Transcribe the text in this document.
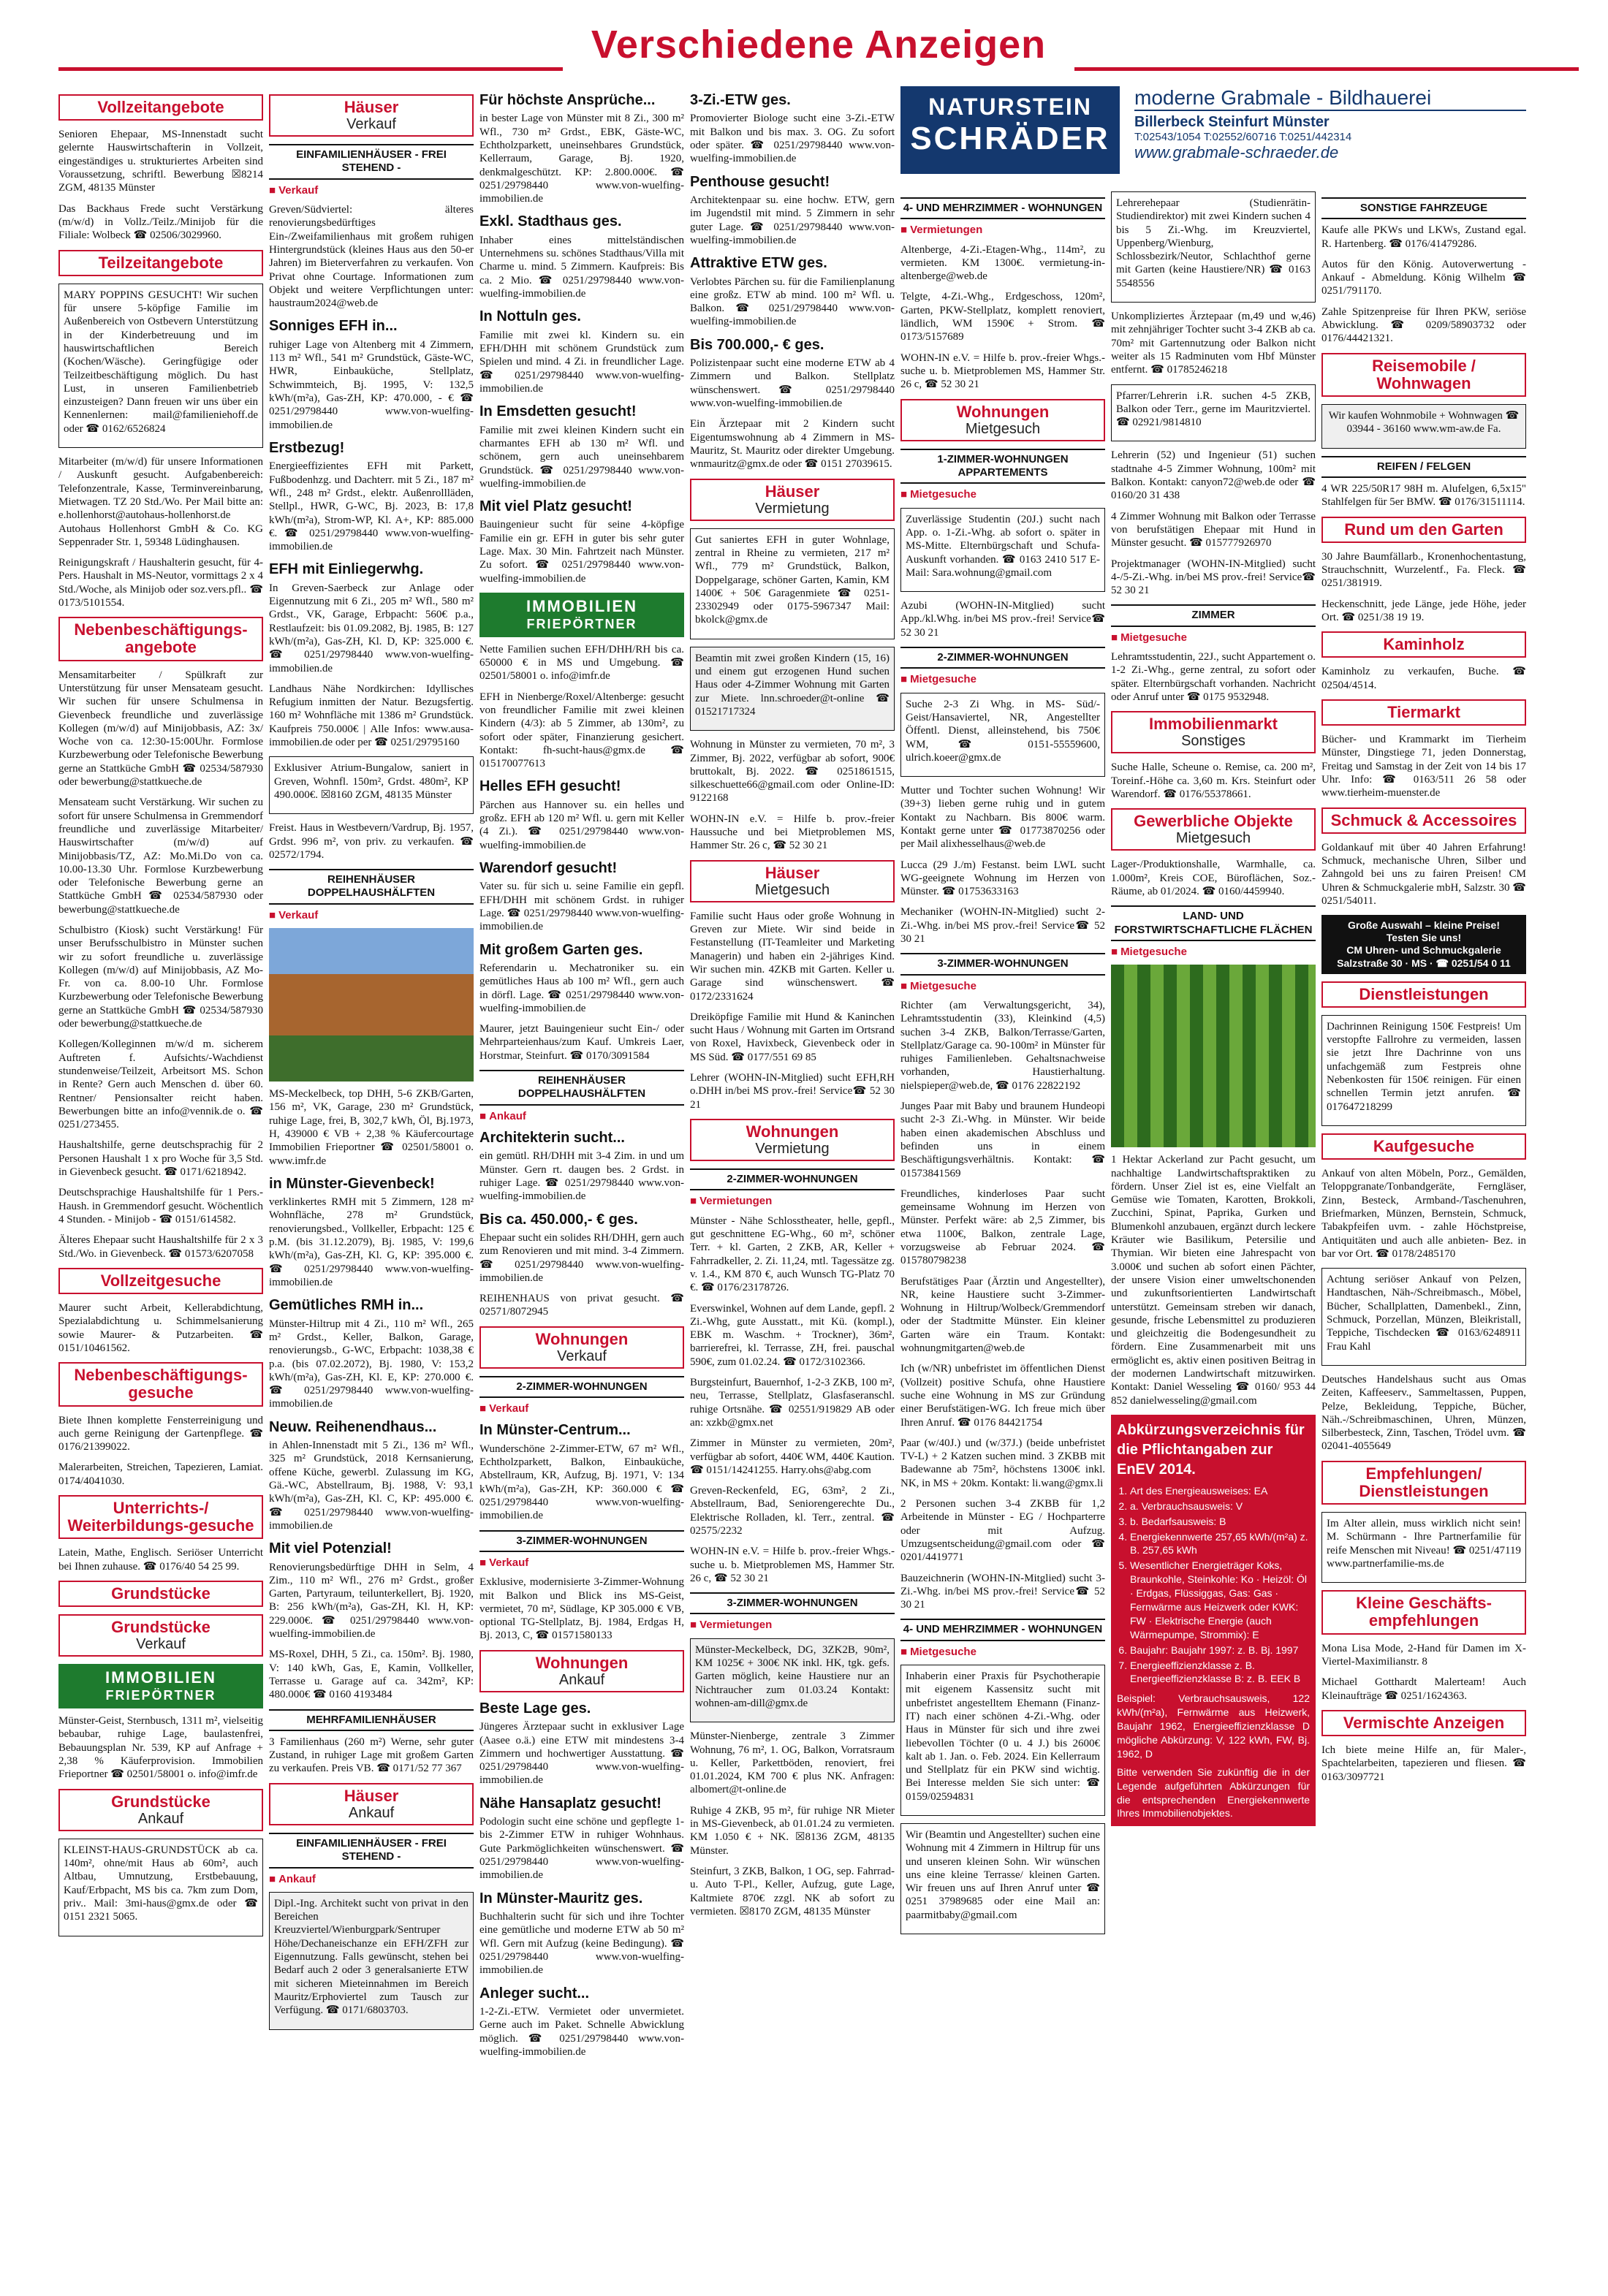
Verschiedene Anzeigen
Vollzeitangebote

Senioren Ehepaar, MS-Innenstadt sucht gelernte Hauswirtschafterin in Vollzeit, eingeständiges u. strukturiertes Arbeiten sind Voraussetzung, schriftl. Bewerbung ☒8214 ZGM, 48135 Münster

Das Backhaus Frede sucht Verstärkung (m/w/d) in Vollz./Teilz./Minijob für die Filiale: Wolbeck ☎ 02506/3029960.

Teilzeitangebote

MARY POPPINS GESUCHT! Wir suchen für unsere 5-köpfige Familie im Außenbereich von Ostbevern Unterstützung in der Kinderbetreuung und im hauswirtschaftlichen Bereich (Kochen/Wäsche). Geringfügige oder Teilzeitbeschäftigung möglich. Du hast Lust, in unseren Familienbetrieb einzusteigen? Dann freuen wir uns über ein Kennenlernen: mail@familieniehoff.de oder ☎ 0162/6526824

Mitarbeiter (m/w/d) für unsere Informationen / Auskunft gesucht. Aufgabenbereich: Telefonzentrale, Kasse, Terminvereinbarung, Mietwagen. TZ 20 Std./Wo. Per Mail bitte an: e.hollenhorst@autohaus-hollenhorst.de Autohaus Hollenhorst GmbH & Co. KG Seppenrader Str. 1, 59348 Lüdinghausen.

Reinigungskraft / Haushalterin gesucht, für 4-Pers. Haushalt in MS-Neutor, vormittags 2 x 4 Std./Woche, als Minijob oder soz.vers.pfl.. ☎ 0173/5101554.

Nebenbeschäftigungs-angebote

Mensamitarbeiter / Spülkraft zur Unterstützung für unser Mensateam gesucht. Wir suchen für unsere Schulmensa in Gievenbeck freundliche und zuverlässige Kollegen (m/w/d) auf Minijobbasis, AZ: 3x/ Woche von ca. 12:30-15:00Uhr. Formlose Kurzbewerbung oder Telefonische Bewerbung gerne an Stattküche GmbH ☎ 02534/587930 oder bewerbung@stattkueche.de

Mensateam sucht Verstärkung. Wir suchen zu sofort für unsere Schulmensa in Gremmendorf freundliche und zuverlässige Mitarbeiter/ Hauswirtschafter (m/w/d) auf Minijobbasis/TZ, AZ: Mo.Mi.Do von ca. 10.00-13.30 Uhr. Formlose Kurzbewerbung oder Telefonische Bewerbung gerne an Stattküche GmbH ☎ 02534/587930 oder bewerbung@stattkueche.de

Schulbistro (Kiosk) sucht Verstärkung! Für unser Berufsschulbistro in Münster suchen wir zu sofort freundliche u. zuverlässige Kollegen (m/w/d) auf Minijobbasis, AZ Mo-Fr. von ca. 8.00-10 Uhr. Formlose Kurzbewerbung oder Telefonische Bewerbung gerne an Stattküche GmbH ☎ 02534/587930 oder bewerbung@stattkueche.de

Kollegen/Kolleginnen m/w/d m. sicherem Auftreten f. Aufsichts/-Wachdienst stundenweise/Teilzeit, Arbeitsort MS. Schon in Rente? Gern auch Menschen d. über 60. Rentner/ Pensionsalter reicht haben. Bewerbungen bitte an info@vennik.de o. ☎ 0251/273455.

Haushaltshilfe, gerne deutschsprachig für 2 Personen Haushalt 1 x pro Woche für 3,5 Std. in Gievenbeck gesucht. ☎ 0171/6218942.

Deutschsprachige Haushaltshilfe für 1 Pers.-Haush. in Gremmendorf gesucht. Wöchentlich 4 Stunden. - Minijob - ☎ 0151/614582.

Älteres Ehepaar sucht Haushaltshilfe für 2 x 3 Std./Wo. in Gievenbeck. ☎ 01573/6207058

Vollzeitgesuche

Maurer sucht Arbeit, Kellerabdichtung, Spezialabdichtung u. Schimmelsanierung sowie Maurer- & Putzarbeiten. ☎ 0151/10461562.

Nebenbeschäftigungs-gesuche

Biete Ihnen komplette Fensterreinigung und auch gerne Reinigung der Gartenpflege. ☎ 0176/21399022.

Malerarbeiten, Streichen, Tapezieren, Lamiat. 0174/4041030.

Unterrichts-/ Weiterbildungs-gesuche

Latein, Mathe, Englisch. Seriöser Unterricht bei Ihnen zuhause. ☎ 0176/40 54 25 99.

Grundstücke
Grundstücke
Verkauf
IMMOBILIEN
FRIEPÖRTNER

Münster-Geist, Sternbusch, 1311 m², vielseitig bebaubar, ruhige Lage, baulastenfrei, Bebauungsplan Nr. 539, KP auf Anfrage + 2,38 % Käuferprovision. Immobilien Frieportner ☎ 02501/58001 o. info@imfr.de

Grundstücke
Ankauf

KLEINST-HAUS-GRUNDSTÜCK ab ca. 140m², ohne/mit Haus ab 60m², auch Altbau, Umnutzung, Erstbebauung, Kauf/Erbpacht, MS bis ca. 7km zum Dom, priv.. Mail: 3mi-haus@gmx.de oder ☎ 0151 2321 5065.

Häuser
Verkauf
EINFAMILIENHÄUSER - FREI STEHEND -
■ Verkauf

Greven/Südviertel: älteres renovierungsbedürftiges Ein-/Zweifamilienhaus mit großem ruhigen Hintergrundstück (kleines Haus aus den 50-er Jahren) im Bieterverfahren zu verkaufen. Von Privat ohne Courtage. Informationen zum Objekt und weitere Verpflichtungen unter: haustraum2024@web.de

Sonniges EFH in...

ruhiger Lage von Altenberg mit 4 Zimmern, 113 m² Wfl., 541 m² Grundstück, Gäste-WC, HWR, Einbauküche, Stellplatz, Schwimmteich, Bj. 1995, V: 132,5 kWh/(m²a), Gas-ZH, KP: 470.000, - € ☎ 0251/29798440 www.von-wuelfing-immobilien.de

Erstbezug!

Energieeffizientes EFH mit Parkett, Fußbodenhzg. und Dachterr. mit 5 Zi., 187 m² Wfl., 248 m² Grdst., elektr. Außenrollläden, Stellpl., HWR, G-WC, Bj. 2023, B: 17,8 kWh/(m²a), Strom-WP, Kl. A+, KP: 885.000 €. ☎ 0251/29798440 www.von-wuelfing-immobilien.de

EFH mit Einliegerwhg.

In Greven-Saerbeck zur Anlage oder Eigennutzung mit 6 Zi., 205 m² Wfl., 580 m² Grdst., VK, Garage, Erbpacht: 560€ p.a., Restlaufzeit: bis 01.09.2082, Bj. 1985, B: 127 kWh/(m²a), Gas-ZH, Kl. D, KP: 325.000 €. ☎ 0251/29798440 www.von-wuelfing-immobilien.de

Landhaus Nähe Nordkirchen: Idyllisches Refugium inmitten der Natur. Bezugsfertig. 160 m² Wohnfläche mit 1386 m² Grundstück. Kaufpreis 750.000€ | Alle Infos: www.ausa-immobilien.de oder per ☎ 0251/29795160

Exklusiver Atrium-Bungalow, saniert in Greven, Wohnfl. 150m², Grdst. 480m², KP 490.000€. ☒8160 ZGM, 48135 Münster

Freist. Haus in Westbevern/Vardrup, Bj. 1957, Grdst. 996 m², von priv. zu verkaufen. ☎ 02572/1794.

REIHENHÄUSER DOPPELHAUSHÄLFTEN
■ Verkauf

MS-Meckelbeck, top DHH, 5-6 ZKB/Garten, 156 m², VK, Garage, 230 m² Grundstück, ruhige Lage, frei, B, 302,7 kWh, Öl, Bj.1973, H, 439000 € VB + 2,38 % Käufercourtage Immobilien Frieportner ☎ 02501/58001 o. www.imfr.de

in Münster-Gievenbeck!

verklinkertes RMH mit 5 Zimmern, 128 m² Wohnfläche, 278 m² Grundstück, renovierungsbed., Vollkeller, Erbpacht: 125 € p.M. (bis 31.12.2079), Bj. 1985, V: 199,6 kWh/(m²a), Gas-ZH, Kl. G, KP: 395.000 €. ☎ 0251/29798440 www.von-wuelfing-immobilien.de

Gemütliches RMH in...

Münster-Hiltrup mit 4 Zi., 110 m² Wfl., 265 m² Grdst., Keller, Balkon, Garage, renovierungsb., G-WC, Erbpacht: 1038,38 € p.a. (bis 07.02.2072), Bj. 1980, V: 153,2 kWh/(m²a), Gas-ZH, Kl. E, KP: 270.000 €. ☎ 0251/29798440 www.von-wuelfing-immobilien.de

Neuw. Reihenendhaus...

in Ahlen-Innenstadt mit 5 Zi., 136 m² Wfl., 325 m² Grundstück, 2018 Kernsanierung, offene Küche, gewerbl. Zulassung im KG, Gä.-WC, Abstellraum, Bj. 1988, V: 93,1 kWh/(m²a), Gas-ZH, Kl. C, KP: 495.000 €. ☎ 0251/29798440 www.von-wuelfing-immobilien.de

Mit viel Potenzial!

Renovierungsbedürftige DHH in Selm, 4 Zim., 110 m² Wfl., 276 m² Grdst., großer Garten, Partyraum, teilunterkellert, Bj. 1920, B: 256 kWh/(m²a), Gas-ZH, Kl. H, KP: 229.000€. ☎ 0251/29798440 www.von-wuelfing-immobilien.de

MS-Roxel, DHH, 5 Zi., ca. 150m². Bj. 1980, V: 140 kWh, Gas, E, Kamin, Vollkeller, Terrasse u. Garage auf ca. 342m², KP: 480.000€ ☎ 0160 4193484

MEHRFAMILIENHÄUSER

3 Familienhaus (260 m²) Werne, sehr guter Zustand, in ruhiger Lage mit großem Garten zu verkaufen. Preis VB. ☎ 0171/52 77 367

Häuser
Ankauf
EINFAMILIENHÄUSER - FREI STEHEND -
■ Ankauf

Dipl.-Ing. Architekt sucht von privat in den Bereichen Kreuzviertel/Wienburgpark/Sentruper Höhe/Dechaneischanze ein EFH/ZFH zur Eigennutzung. Falls gewünscht, stehen bei Bedarf auch 2 oder 3 generalsanierte ETW mit sicheren Mieteinnahmen im Bereich Mauritz/Erphoviertel zum Tausch zur Verfügung. ☎ 0171/6803703.

Für höchste Ansprüche...

in bester Lage von Münster mit 8 Zi., 300 m² Wfl., 730 m² Grdst., EBK, Gäste-WC, Echtholzparkett, uneinsehbares Grundstück, Kellerraum, Garage, Bj. 1920, denkmalgeschützt. KP: 2.800.000€. ☎ 0251/29798440 www.von-wuelfing-immobilien.de

Exkl. Stadthaus ges.

Inhaber eines mittelständischen Unternehmens su. schönes Stadthaus/Villa mit Charme u. mind. 5 Zimmern. Kaufpreis: Bis ca. 2 Mio. ☎ 0251/29798440 www.von-wuelfing-immobilien.de

In Nottuln ges.

Familie mit zwei kl. Kindern su. ein EFH/DHH mit schönem Grundstück zum Spielen und mind. 4 Zi. in freundlicher Lage. ☎ 0251/29798440 www.von-wuelfing-immobilien.de

In Emsdetten gesucht!

Familie mit zwei kleinen Kindern sucht ein charmantes EFH ab 130 m² Wfl. und schönem, gern auch uneinsehbarem Grundstück. ☎ 0251/29798440 www.von-wuelfing-immobilien.de

Mit viel Platz gesucht!

Bauingenieur sucht für seine 4-köpfige Familie ein gr. EFH in guter bis sehr guter Lage. Max. 30 Min. Fahrtzeit nach Münster. Zu sofort. ☎ 0251/29798440 www.von-wuelfing-immobilien.de

IMMOBILIEN
FRIEPÖRTNER

Nette Familien suchen EFH/DHH/RH bis ca. 650000 € in MS und Umgebung. ☎ 02501/58001 o. info@imfr.de

EFH in Nienberge/Roxel/Altenberge: gesucht von freundlicher Familie mit zwei kleinen Kindern (4/3): ab 5 Zimmer, ab 130m², zu sofort oder später, Finanzierung gesichert. Kontakt: fh-sucht-haus@gmx.de ☎ 015170077613

Helles EFH gesucht!

Pärchen aus Hannover su. ein helles und großz. EFH ab 120 m² Wfl. u. gern mit Keller (4 Zi.). ☎ 0251/29798440 www.von-wuelfing-immobilien.de

Warendorf gesucht!

Vater su. für sich u. seine Familie ein gepfl. EFH/DHH mit schönem Grdst. in ruhiger Lage. ☎ 0251/29798440 www.von-wuelfing-immobilien.de

Mit großem Garten ges.

Referendarin u. Mechatroniker su. ein gemütliches Haus ab 100 m² Wfl., gern auch in dörfl. Lage. ☎ 0251/29798440 www.von-wuelfing-immobilien.de

Maurer, jetzt Bauingenieur sucht Ein-/ oder Mehrparteienhaus/zum Kauf. Umkreis Laer, Horstmar, Steinfurt. ☎ 0170/3091584

REIHENHÄUSER DOPPELHAUSHÄLFTEN
■ Ankauf
Architekterin sucht...

ein gemütl. RH/DHH mit 3-4 Zim. in und um Münster. Gern rt. daugen bes. 2 Grdst. in ruhiger Lage. ☎ 0251/29798440 www.von-wuelfing-immobilien.de

Bis ca. 450.000,- € ges.

Ehepaar sucht ein solides RH/DHH, gern auch zum Renovieren und mit mind. 3-4 Zimmern. ☎ 0251/29798440 www.von-wuelfing-immobilien.de

REIHENHAUS von privat gesucht. ☎ 02571/8072945

Wohnungen
Verkauf
2-ZIMMER-WOHNUNGEN
■ Verkauf
In Münster-Centrum...

Wunderschöne 2-Zimmer-ETW, 67 m² Wfl., Echtholzparkett, Balkon, Einbauküche, Abstellraum, KR, Aufzug, Bj. 1971, V: 134 kWh/(m²a), Gas-ZH, KP: 360.000 € ☎ 0251/29798440 www.von-wuelfing-immobilien.de

3-ZIMMER-WOHNUNGEN
■ Verkauf

Exklusive, modernisierte 3-Zimmer-Wohnung mit Balkon und Blick ins MS-Geist, vermietet, 70 m², Südlage, KP 305.000 € VB, optional TG-Stellplatz, Bj. 1984, Erdgas H, Bj. 2013, C, ☎ 01571580133

Wohnungen
Ankauf
Beste Lage ges.

Jüngeres Ärztepaar sucht in exklusiver Lage (Aasee o.ä.) eine ETW mit mindestens 3-4 Zimmern und hochwertiger Ausstattung. ☎ 0251/29798440 www.von-wuelfing-immobilien.de

Nähe Hansaplatz gesucht!

Podologin sucht eine schöne und gepflegte 1- bis 2-Zimmer ETW in ruhiger Wohnhaus. Gute Parkmöglichkeiten wünschenswert. ☎ 0251/29798440 www.von-wuelfing-immobilien.de

In Münster-Mauritz ges.

Buchhalterin sucht für sich und ihre Tochter eine gemütliche und moderne ETW ab 50 m² Wfl. Gern mit Aufzug (keine Bedingung). ☎ 0251/29798440 www.von-wuelfing-immobilien.de

Anleger sucht...

1-2-Zi.-ETW. Vermietet oder unvermietet. Gerne auch im Paket. Schnelle Abwicklung möglich. ☎ 0251/29798440 www.von-wuelfing-immobilien.de

3-Zi.-ETW ges.

Promovierter Biologe sucht eine 3-Zi.-ETW mit Balkon und bis max. 3. OG. Zu sofort oder später. ☎ 0251/29798440 www.von-wuelfing-immobilien.de

Penthouse gesucht!

Architektenpaar su. eine hochw. ETW, gern im Jugendstil mit mind. 5 Zimmern in sehr guter Lage. ☎ 0251/29798440 www.von-wuelfing-immobilien.de

Attraktive ETW ges.

Verlobtes Pärchen su. für die Familienplanung eine großz. ETW ab mind. 100 m² Wfl. u. Balkon. ☎ 0251/29798440 www.von-wuelfing-immobilien.de

Bis 700.000,- € ges.

Polizistenpaar sucht eine moderne ETW ab 4 Zimmern und Balkon. Stellplatz wünschenswert. ☎ 0251/29798440 www.von-wuelfing-immobilien.de

Ein Ärztepaar mit 2 Kindern sucht Eigentumswohnung ab 4 Zimmern in MS-Mauritz, St. Mauritz oder direkter Umgebung. wnmauritz@gmx.de oder ☎ 0151 27039615.

Häuser
Vermietung

Gut saniertes EFH in guter Wohnlage, zentral in Rheine zu vermieten, 217 m² Wfl., 779 m² Grundstück, Balkon, Doppelgarage, schöner Garten, Kamin, KM 1400€ + 50€ Garagenmiete ☎ 0251-23302949 oder 0175-5967347 Mail: bkolck@gmx.de

Beamtin mit zwei großen Kindern (15, 16) und einem gut erzogenen Hund suchen Haus oder 4-Zimmer Wohnung mit Garten zur Miete. lnn.schroeder@t-online ☎ 01521717324

Wohnung in Münster zu vermieten, 70 m², 3 Zimmer, Bj. 2022, verfügbar ab sofort, 900€ bruttokalt, Bj. 2022. ☎ 0251861515, silkeschuette66@gmail.com oder Online-ID: 9122168

WOHN-IN e.V. = Hilfe b. prov.-freier Haussuche und bei Mietproblemen MS, Hammer Str. 26 c, ☎ 52 30 21

Häuser
Mietgesuch

Familie sucht Haus oder große Wohnung in Greven zur Miete. Wir sind beide in Festanstellung (IT-Teamleiter und Marketing Managerin) und haben ein 2-jähriges Kind. Wir suchen min. 4ZKB mit Garten. Keller u. Garage sind wünschenswert. ☎ 0172/2331624

Dreiköpfige Familie mit Hund & Kaninchen sucht Haus / Wohnung mit Garten im Ortsrand von Roxel, Havixbeck, Gievenbeck oder in MS Süd. ☎ 0177/551 69 85

Lehrer (WOHN-IN-Mitglied) sucht EFH,RH o.DHH in/bei MS prov.-frei! Service☎ 52 30 21

Wohnungen
Vermietung
2-ZIMMER-WOHNUNGEN
■ Vermietungen

Münster - Nähe Schlosstheater, helle, gepfl., gut geschnittene EG-Whg., 60 m², schöner Terr. + kl. Garten, 2 ZKB, AR, Keller + Fahrradkeller, 2. Zi. 11,24, mtl. Tagessätze zg. v. 1.4., KM 870 €, auch Wunsch TG-Platz 70 €. ☎ 0176/23178726.

Everswinkel, Wohnen auf dem Lande, gepfl. 2 Zi.-Whg, gute Ausstatt., mit Kü. (kompl.), EBK m. Waschm. + Trockner), 36m², barrierefrei, kl. Terrasse, ZH, frei. pauschal 590€, zum 01.02.24. ☎ 0172/3102366.

Burgsteinfurt, Bauernhof, 1-2-3 ZKB, 100 m², neu, Terrasse, Stellplatz, Glasfaseranschl. ruhige Ortsnähe. ☎ 02551/919829 AB oder an: xzkb@gmx.net

Zimmer in Münster zu vermieten, 20m², verfügbar ab sofort, 440€ WM, 440€ Kaution. ☎ 0151/14241255. Harry.ohs@abg.com

Greven-Reckenfeld, EG, 63m², 2 Zi., Abstellraum, Bad, Seniorengerechte Du., Elektrische Rolladen, kl. Terr., zentral. ☎ 02575/2232

WOHN-IN e.V. = Hilfe b. prov.-freier Whgs.-suche u. b. Mietproblemen MS, Hammer Str. 26 c, ☎ 52 30 21

3-ZIMMER-WOHNUNGEN
■ Vermietungen

Münster-Meckelbeck, DG, 3ZK2B, 90m², KM 1025€ + 300€ NK inkl. HK, tgk. gefs. Garten möglich, keine Haustiere nur an Nichtraucher zum 01.03.24 Kontakt: wohnen-am-dill@gmx.de

Münster-Nienberge, zentrale 3 Zimmer Wohnung, 76 m², 1. OG, Balkon, Vorratsraum u. Keller, Parkettböden, renoviert, frei 01.01.2024, KM 700 € plus NK. Anfragen: albomert@t-online.de

Ruhige 4 ZKB, 95 m², für ruhige NR Mieter in MS-Gievenbeck, ab 01.01.24 zu vermieten. KM 1.050 € + NK. ☒8136 ZGM, 48135 Münster.

Steinfurt, 3 ZKB, Balkon, 1 OG, sep. Fahrrad- u. Auto T-Pl., Keller, Aufzug, gute Lage, Kaltmiete 870€ zzgl. NK ab sofort zu vermieten. ☒8170 ZGM, 48135 Münster

NATURSTEIN
SCHRÄDER
moderne Grabmale - Bildhauerei
Billerbeck Steinfurt Münster
T:02543/1054 T:02552/60716 T:0251/442314
www.grabmale-schraeder.de
4- UND MEHRZIMMER - WOHNUNGEN
■ Vermietungen

Altenberge, 4-Zi.-Etagen-Whg., 114m², zu vermieten. KM 1300€. vermietung-in-altenberge@web.de

Telgte, 4-Zi.-Whg., Erdgeschoss, 120m², Garten, PKW-Stellplatz, komplett renoviert, ländlich, WM 1590€ + Strom. ☎ 0173/5157689

WOHN-IN e.V. = Hilfe b. prov.-freier Whgs.-suche u. b. Mietproblemen MS, Hammer Str. 26 c, ☎ 52 30 21

Wohnungen
Mietgesuch
1-ZIMMER-WOHNUNGEN APPARTEMENTS
■ Mietgesuche

Zuverlässige Studentin (20J.) sucht nach App. o. 1-Zi.-Whg. ab sofort o. später in MS-Mitte. Elternbürgschaft und Schufa-Auskunft vorhanden. ☎ 0163 2410 517 E-Mail: Sara.wohnung@gmail.com

Azubi (WOHN-IN-Mitglied) sucht App./kl.Whg. in/bei MS prov.-frei! Service☎ 52 30 21

2-ZIMMER-WOHNUNGEN
■ Mietgesuche

Suche 2-3 Zi Whg. in MS- Süd/-Geist/Hansaviertel, NR, Angestellter Öffentl. Dienst, alleinstehend, bis 750€ WM, ☎ 0151-55559600, ulrich.koeer@gmx.de

Mutter und Tochter suchen Wohnung! Wir (39+3) lieben gerne ruhig und in gutem Kontakt zu Nachbarn. Bis 800€ warm. Kontakt gerne unter ☎ 01773870256 oder per Mail alixhesselhaus@web.de

Lucca (29 J./m) Festanst. beim LWL sucht WG-geeignete Wohnung im Herzen von Münster. ☎ 01753633163

Mechaniker (WOHN-IN-Mitglied) sucht 2-Zi.-Whg. in/bei MS prov.-frei! Service☎ 52 30 21

3-ZIMMER-WOHNUNGEN
■ Mietgesuche

Richter (am Verwaltungsgericht, 34), Lehramtsstudentin (33), Kleinkind (4,5) suchen 3-4 ZKB, Balkon/Terrasse/Garten, Stellplatz/Garage ca. 90-100m² in Münster für ruhiges Familienleben. Gehaltsnachweise vorhanden, Haustierhaltung. nielspieper@web.de, ☎ 0176 22822192

Junges Paar mit Baby und braunem Hundeopi sucht 2-3 Zi.-Whg. in Münster. Wir beide haben einen akademischen Abschluss und befinden uns in einem Beschäftigungsverhältnis. Kontakt: ☎ 01573841569

Freundliches, kinderloses Paar sucht gemeinsame Wohnung im Herzen von Münster. Perfekt wäre: ab 2,5 Zimmer, bis etwa 1100€, Balkon, zentrale Lage, vorzugsweise ab Februar 2024. ☎ 015780798238

Berufstätiges Paar (Ärztin und Angestellter), NR, keine Haustiere sucht 3-Zimmer-Wohnung in Hiltrup/Wolbeck/Gremmendorf oder der Stadtmitte Münster. Ein kleiner Garten wäre ein Traum. Kontakt: wohnungmitgarten@web.de

Ich (w/NR) unbefristet im öffentlichen Dienst (Vollzeit) positive Schufa, ohne Haustiere suche eine Wohnung in MS zur Gründung einer Berufstätigen-WG. Ich freue mich über Ihren Anruf. ☎ 0176 84421754

Paar (w/40J.) und (w/37J.) (beide unbefristet TV-L) + 2 Katzen suchen mind. 3 ZKBB mit Badewanne ab 75m², höchstens 1300€ inkl. NK, in MS + 20km. Kontakt: li.wang@gmx.li

2 Personen suchen 3-4 ZKBB für 1,2 Arbeitende in Münster - EG / Hochparterre oder mit Aufzug. Umzugsentscheidung@gmail.com oder ☎ 0201/4419771

Bauzeichnerin (WOHN-IN-Mitglied) sucht 3-Zi.-Whg. in/bei MS prov.-frei! Service☎ 52 30 21

4- UND MEHRZIMMER - WOHNUNGEN
■ Mietgesuche

Inhaberin einer Praxis für Psychotherapie mit eigenem Kassensitz sucht mit unbefristet angestelltem Ehemann (Finanz-IT) nach einer schönen 4-Zi.-Whg. oder Haus in Münster für sich und ihre zwei liebevollen Töchter (0 u. 4 J.) bis 2600€ kalt ab 1. Jan. o. Feb. 2024. Ein Kellerraum und Stellplatz für ein PKW sind wichtig. Bei Interesse melden Sie sich unter: ☎ 0159/02594831

Wir (Beamtin und Angestellter) suchen eine Wohnung mit 4 Zimmern in Hiltrup für uns und unseren kleinen Sohn. Wir wünschen uns eine kleine Terrasse/ kleinen Garten. Wir freuen uns auf Ihren Anruf unter ☎ 0251 37989685 oder eine Mail an: paarmitbaby@gmail.com

Lehrerehepaar (Studienrätin-Studiendirektor) mit zwei Kindern suchen 4 bis 5 Zi.-Whg. im Kreuzviertel, Uppenberg/Wienburg, Schlossbezirk/Neutor, Schlachthof gerne mit Garten (keine Haustiere/NR) ☎ 0163 5548556

Unkompliziertes Ärztepaar (m,49 und w,46) mit zehnjähriger Tochter sucht 3-4 ZKB ab ca. 70m² mit Gartennutzung oder Balkon nicht weiter als 15 Radminuten vom Hbf Münster entfernt. ☎ 01785246218

Pfarrer/Lehrerin i.R. suchen 4-5 ZKB, Balkon oder Terr., gerne im Mauritzviertel. ☎ 02921/9814810

Lehrerin (52) und Ingenieur (51) suchen stadtnahe 4-5 Zimmer Wohnung, 100m² mit Balkon. Kontakt: canyon72@web.de oder ☎ 0160/20 31 438

4 Zimmer Wohnung mit Balkon oder Terrasse von berufstätigen Ehepaar mit Hund in Münster gesucht. ☎ 015777926970

Projektmanager (WOHN-IN-Mitglied) sucht 4-/5-Zi.-Whg. in/bei MS prov.-frei! Service☎ 52 30 21

ZIMMER
■ Mietgesuche

Lehramtsstudentin, 22J., sucht Appartement o. 1-2 Zi.-Whg., gerne zentral, zu sofort oder später. Elternbürgschaft vorhanden. Nachricht oder Anruf unter ☎ 0175 9532948.

Immobilienmarkt
Sonstiges

Suche Halle, Scheune o. Remise, ca. 200 m², Toreinf.-Höhe ca. 3,60 m. Krs. Steinfurt oder Warendorf. ☎ 0176/55378661.

Gewerbliche Objekte
Mietgesuch

Lager-/Produktionshalle, Warmhalle, ca. 1.000m², Kreis COE, Büroflächen, Soz.-Räume, ab 01/2024. ☎ 0160/4459940.

LAND- UND FORSTWIRTSCHAFTLICHE FLÄCHEN
■ Mietgesuche

1 Hektar Ackerland zur Pacht gesucht, um nachhaltige Landwirtschaftspraktiken zu fördern. Unser Ziel ist es, eine Vielfalt an Gemüse wie Tomaten, Karotten, Brokkoli, Zucchini, Spinat, Paprika, Gurken und Blumenkohl anzubauen, ergänzt durch leckere Kräuter wie Basilikum, Petersilie und Thymian. Wir bieten eine Jahrespacht von 3.000€ und suchen ab sofort einen Pächter, der unsere Vision einer umweltschonenden und zukunftsorientierten Landwirtschaft unterstützt. Gemeinsam streben wir danach, gesunde, frische Lebensmittel zu produzieren und gleichzeitig die Bodengesundheit zu fördern. Eine Zusammenarbeit mit uns ermöglicht es, aktiv einen positiven Beitrag in der modernen Landwirtschaft mitzuwirken. Kontakt: Daniel Wesseling ☎ 0160/ 953 44 852 danielwesseling@gmail.com

Abkürzungsverzeichnis für die Pflichtangaben zur EnEV 2014.
1. Art des Energieausweises: EA
2. a. Verbrauchsausweis: V
3. b. Bedarfsausweis: B
4. Energiekennwerte 257,65 kWh/(m²a) z. B. 257,65 kWh
5. Wesentlicher Energieträger Koks, Braunkohle, Steinkohle: Ko · Heizöl: Öl · Erdgas, Flüssiggas, Gas: Gas · Fernwärme aus Heizwerk oder KWK: FW · Elektrische Energie (auch Wärmepumpe, Strommix): E
6. Baujahr: Baujahr 1997: z. B. Bj. 1997
7. Energieeffizienzklasse z. B. Energieeffizienzklasse B: z. B. EEK B

Beispiel: Verbrauchsausweis, 122 kWh/(m²a), Fernwärme aus Heizwerk, Baujahr 1962, Energieeffizienzklasse D mögliche Abkürzung: V, 122 kWh, FW, Bj. 1962, D

Bitte verwenden Sie zukünftig die in der Legende aufgeführten Abkürzungen für die entsprechenden Energiekennwerte Ihres Immobilienobjektes.

SONSTIGE FAHRZEUGE

Kaufe alle PKWs und LKWs, Zustand egal. R. Hartenberg. ☎ 0176/41479286.

Autos für den König. Autoverwertung - Ankauf - Abmeldung. König Wilhelm ☎ 0251/791170.

Zahle Spitzenpreise für Ihren PKW, seriöse Abwicklung. ☎ 0209/58903732 oder 0176/44421321.

Reisemobile / Wohnwagen

Wir kaufen Wohnmobile + Wohnwagen ☎ 03944 - 36160 www.wm-aw.de Fa.

REIFEN / FELGEN

4 WR 225/50R17 98H m. Alufelgen, 6,5x15" Stahlfelgen für 5er BMW. ☎ 0176/31511114.

Rund um den Garten

30 Jahre Baumfällarb., Kronenhochentastung, Strauchschnitt, Wurzelentf., Fa. Fleck. ☎ 0251/381919.

Heckenschnitt, jede Länge, jede Höhe, jeder Ort. ☎ 0251/38 19 19.

Kaminholz

Kaminholz zu verkaufen, Buche. ☎ 02504/4514.

Tiermarkt

Bücher- und Krammarkt im Tierheim Münster, Dingstiege 71, jeden Donnerstag, Freitag und Samstag in der Zeit von 14 bis 17 Uhr. Info: ☎ 0163/511 26 58 oder www.tierheim-muenster.de

Schmuck & Accessoires

Goldankauf mit über 40 Jahren Erfahrung! Schmuck, mechanische Uhren, Silber und Zahngold bei uns zu fairen Preisen! CM Uhren & Schmuckgalerie mbH, Salzstr. 30 ☎ 0251/54011.

Große Auswahl – kleine Preise!
Testen Sie uns!
CM Uhren- und Schmuckgalerie
Salzstraße 30 · MS · ☎ 0251/54 0 11
Dienstleistungen

Dachrinnen Reinigung 150€ Festpreis! Um verstopfte Fallrohre zu vermeiden, lassen sie jetzt Ihre Dachrinne von uns unfachgemäß zum Festpreis ohne Nebenkosten für 150€ reinigen. Für einen schnellen Termin jetzt anrufen. ☎ 017647218299

Kaufgesuche

Ankauf von alten Möbeln, Porz., Gemälden, Teloppgranate/Tonbandgeräte, Ferngläser, Zinn, Besteck, Armband-/Taschenuhren, Briefmarken, Münzen, Bernstein, Schmuck, Tabakpfeifen uvm. - zahle Höchstpreise, Antiquitäten und auch alle anbieten- Bez. in bar vor Ort. ☎ 0178/2485170

Achtung seriöser Ankauf von Pelzen, Handtaschen, Näh-/Schreibmasch., Möbel, Bücher, Schallplatten, Damenbekl., Zinn, Schmuck, Porzellan, Münzen, Bleikristall, Teppiche, Tischdecken ☎ 0163/6248911 Frau Kahl

Deutsches Handelshaus sucht aus Omas Zeiten, Kaffeeserv., Sammeltassen, Puppen, Pelze, Bekleidung, Teppiche, Bücher, Näh.-/Schreibmaschinen, Uhren, Münzen, Silberbesteck, Zinn, Taschen, Trödel uvm. ☎ 02041-4055649

Empfehlungen/ Dienstleistungen

Im Alter allein, muss wirklich nicht sein! M. Schürmann - Ihre Partnerfamilie für reife Menschen mit Niveau! ☎ 0251/47119 www.partnerfamilie-ms.de

Kleine Geschäfts-empfehlungen

Mona Lisa Mode, 2-Hand für Damen im X-Viertel-Maximilianstr. 8

Michael Gotthardt Malerteam! Auch Kleinaufträge ☎ 0251/1624363.

Vermischte Anzeigen

Ich biete meine Hilfe an, für Maler-, Spachtelarbeiten, tapezieren und fliesen. ☎ 0163/3097721
